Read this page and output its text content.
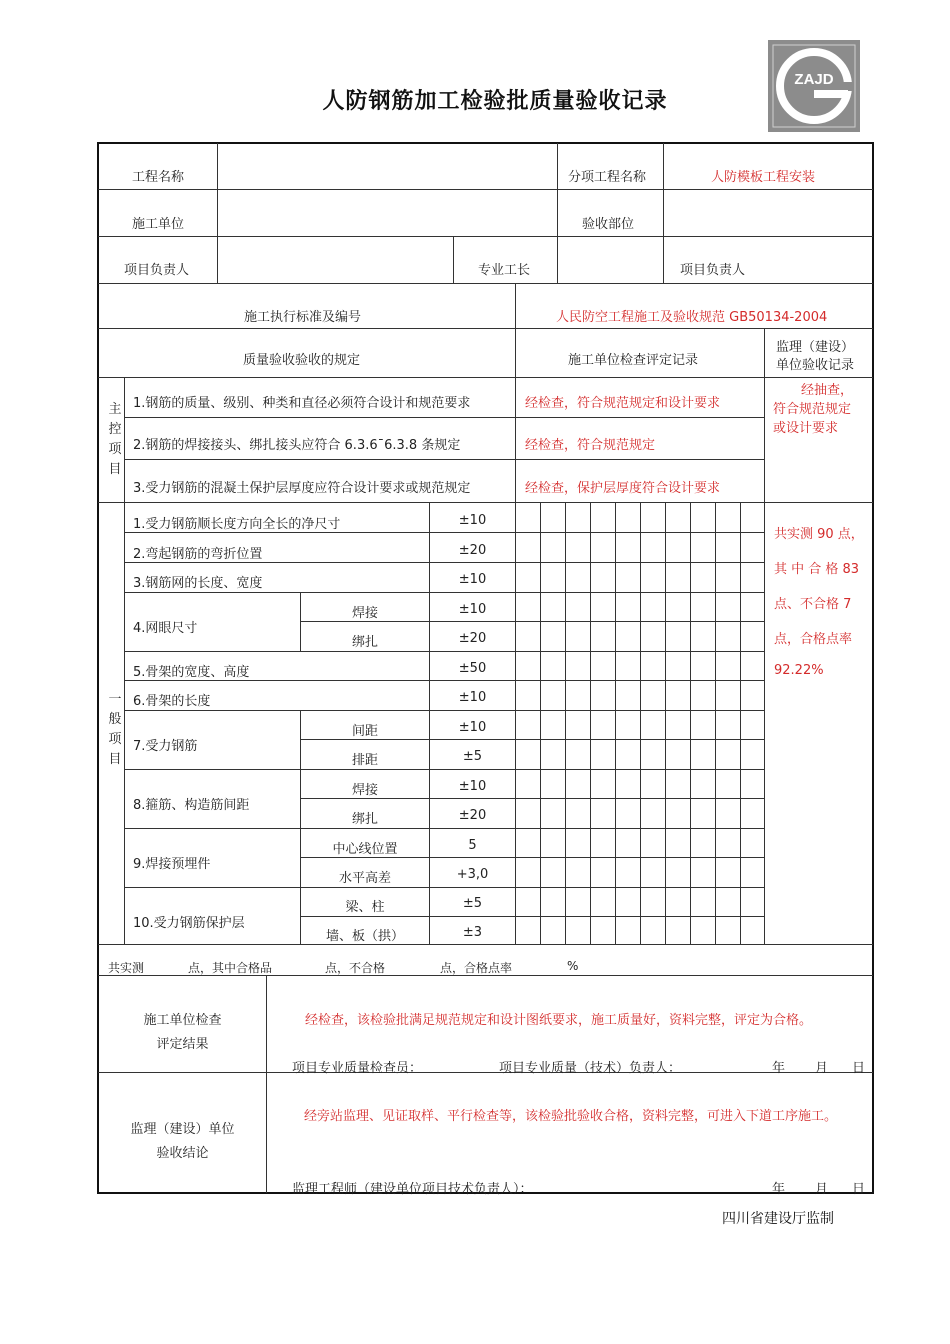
人防钢筋加工检验批质量验收记录
ZAJD
工程名称	分项工程名称	人防模板工程安装
施工单位	验收部位
项目负责人	专业工长	项目负责人
施工执行标准及编号	人民防空工程施工及验收规范 GB50134-2004
质量验收验收的规定	施工单位检查评定记录
监理（建设）单位验收记录
主控项目
1.钢筋的质量、级别、种类和直径必须符合设计和规范要求	经检查，符合规范规定和设计要求
2.钢筋的焊接接头、绑扎接头应符合 6.3.6¯6.3.8 条规定	经检查，符合规范规定
3.受力钢筋的混凝土保护层厚度应符合设计要求或规范规定	经检查，保护层厚度符合设计要求
经抽查，符合规范规定或设计要求
一般项目
1.受力钢筋顺长度方向全长的净尺寸	±10
2.弯起钢筋的弯折位置	±20
3.钢筋网的长度、宽度	±10
4.网眼尺寸
焊接	±10
绑扎	±20
5.骨架的宽度、高度	±50
6.骨架的长度	±10
7.受力钢筋
间距	±10
排距	±5
8.箍筋、构造筋间距
焊接	±10
绑扎	±20
9.焊接预埋件
中心线位置	5
水平高差	+3,0
10.受力钢筋保护层
梁、柱	±5
墙、板（拱）	±3
共实测 90 点，
其 中 合 格 83
点、不合格 7
点，合格点率
92.22%
共实测	点，其中合格品	点，不合格	点，合格点率	%
施工单位检查
评定结果
经检查，该检验批满足规范规定和设计图纸要求，施工质量好，资料完整，评定为合格。
项目专业质量检查员：	项目专业质量（技术）负责人：	年 月 日
监理（建设）单位
验收结论
经旁站监理、见证取样、平行检查等，该检验批验收合格，资料完整，可进入下道工序施工。
监理工程师（建设单位项目技术负责人）：	年 月 日
四川省建设厅监制
